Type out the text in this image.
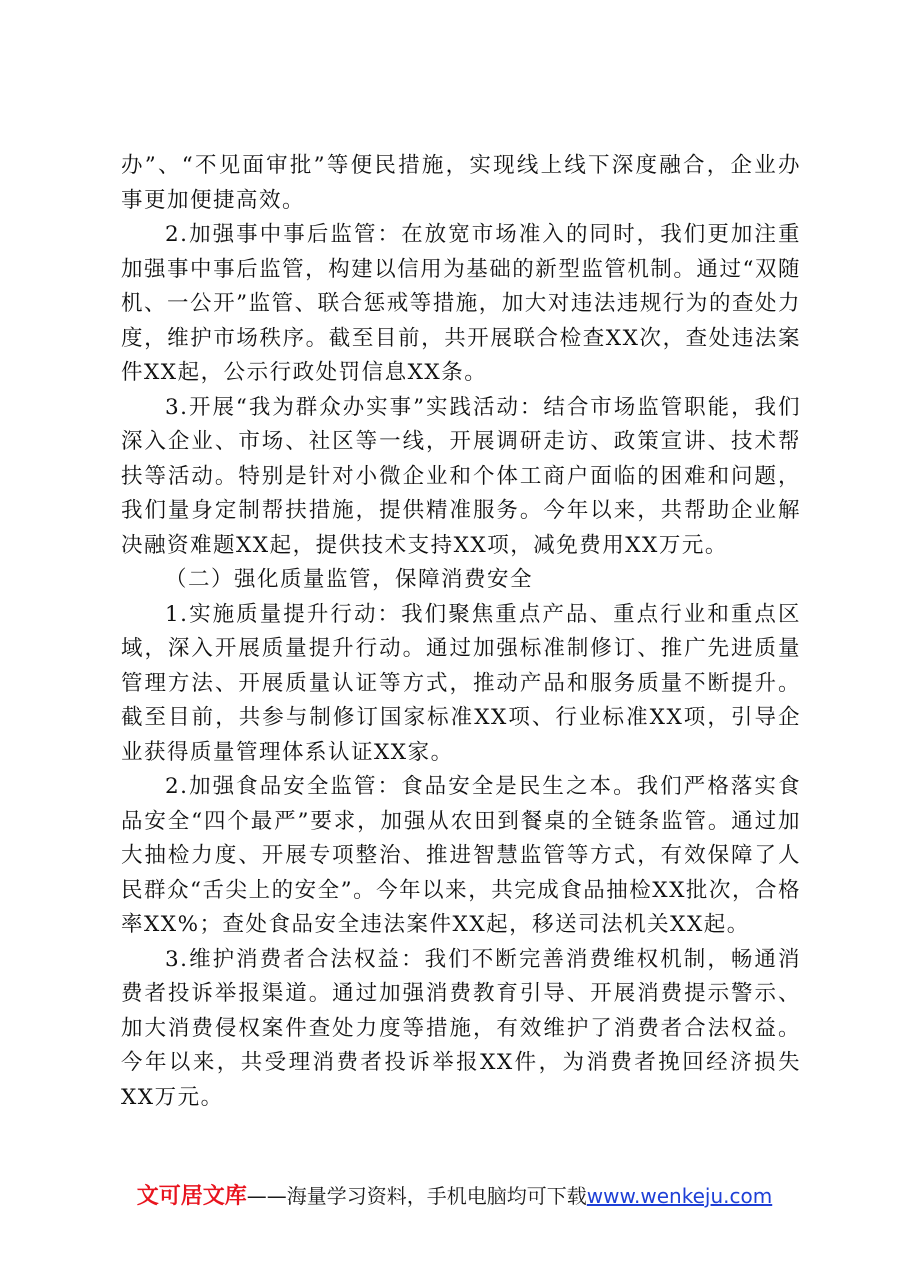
办”、“不见面审批”等便民措施，实现线上线下深度融合，企业办事更加便捷高效。

2.加强事中事后监管：在放宽市场准入的同时，我们更加注重加强事中事后监管，构建以信用为基础的新型监管机制。通过“双随机、一公开”监管、联合惩戒等措施，加大对违法违规行为的查处力度，维护市场秩序。截至目前，共开展联合检查XX次，查处违法案件XX起，公示行政处罚信息XX条。

3.开展“我为群众办实事”实践活动：结合市场监管职能，我们深入企业、市场、社区等一线，开展调研走访、政策宣讲、技术帮扶等活动。特别是针对小微企业和个体工商户面临的困难和问题，我们量身定制帮扶措施，提供精准服务。今年以来，共帮助企业解决融资难题XX起，提供技术支持XX项，减免费用XX万元。

（二）强化质量监管，保障消费安全

1.实施质量提升行动：我们聚焦重点产品、重点行业和重点区域，深入开展质量提升行动。通过加强标准制修订、推广先进质量管理方法、开展质量认证等方式，推动产品和服务质量不断提升。截至目前，共参与制修订国家标准XX项、行业标准XX项，引导企业获得质量管理体系认证XX家。

2.加强食品安全监管：食品安全是民生之本。我们严格落实食品安全“四个最严”要求，加强从农田到餐桌的全链条监管。通过加大抽检力度、开展专项整治、推进智慧监管等方式，有效保障了人民群众“舌尖上的安全”。今年以来，共完成食品抽检XX批次，合格率XX%；查处食品安全违法案件XX起，移送司法机关XX起。

3.维护消费者合法权益：我们不断完善消费维权机制，畅通消费者投诉举报渠道。通过加强消费教育引导、开展消费提示警示、加大消费侵权案件查处力度等措施，有效维护了消费者合法权益。今年以来，共受理消费者投诉举报XX件，为消费者挽回经济损失XX万元。

文可居文库——海量学习资料，手机电脑均可下载www.wenkeju.com
